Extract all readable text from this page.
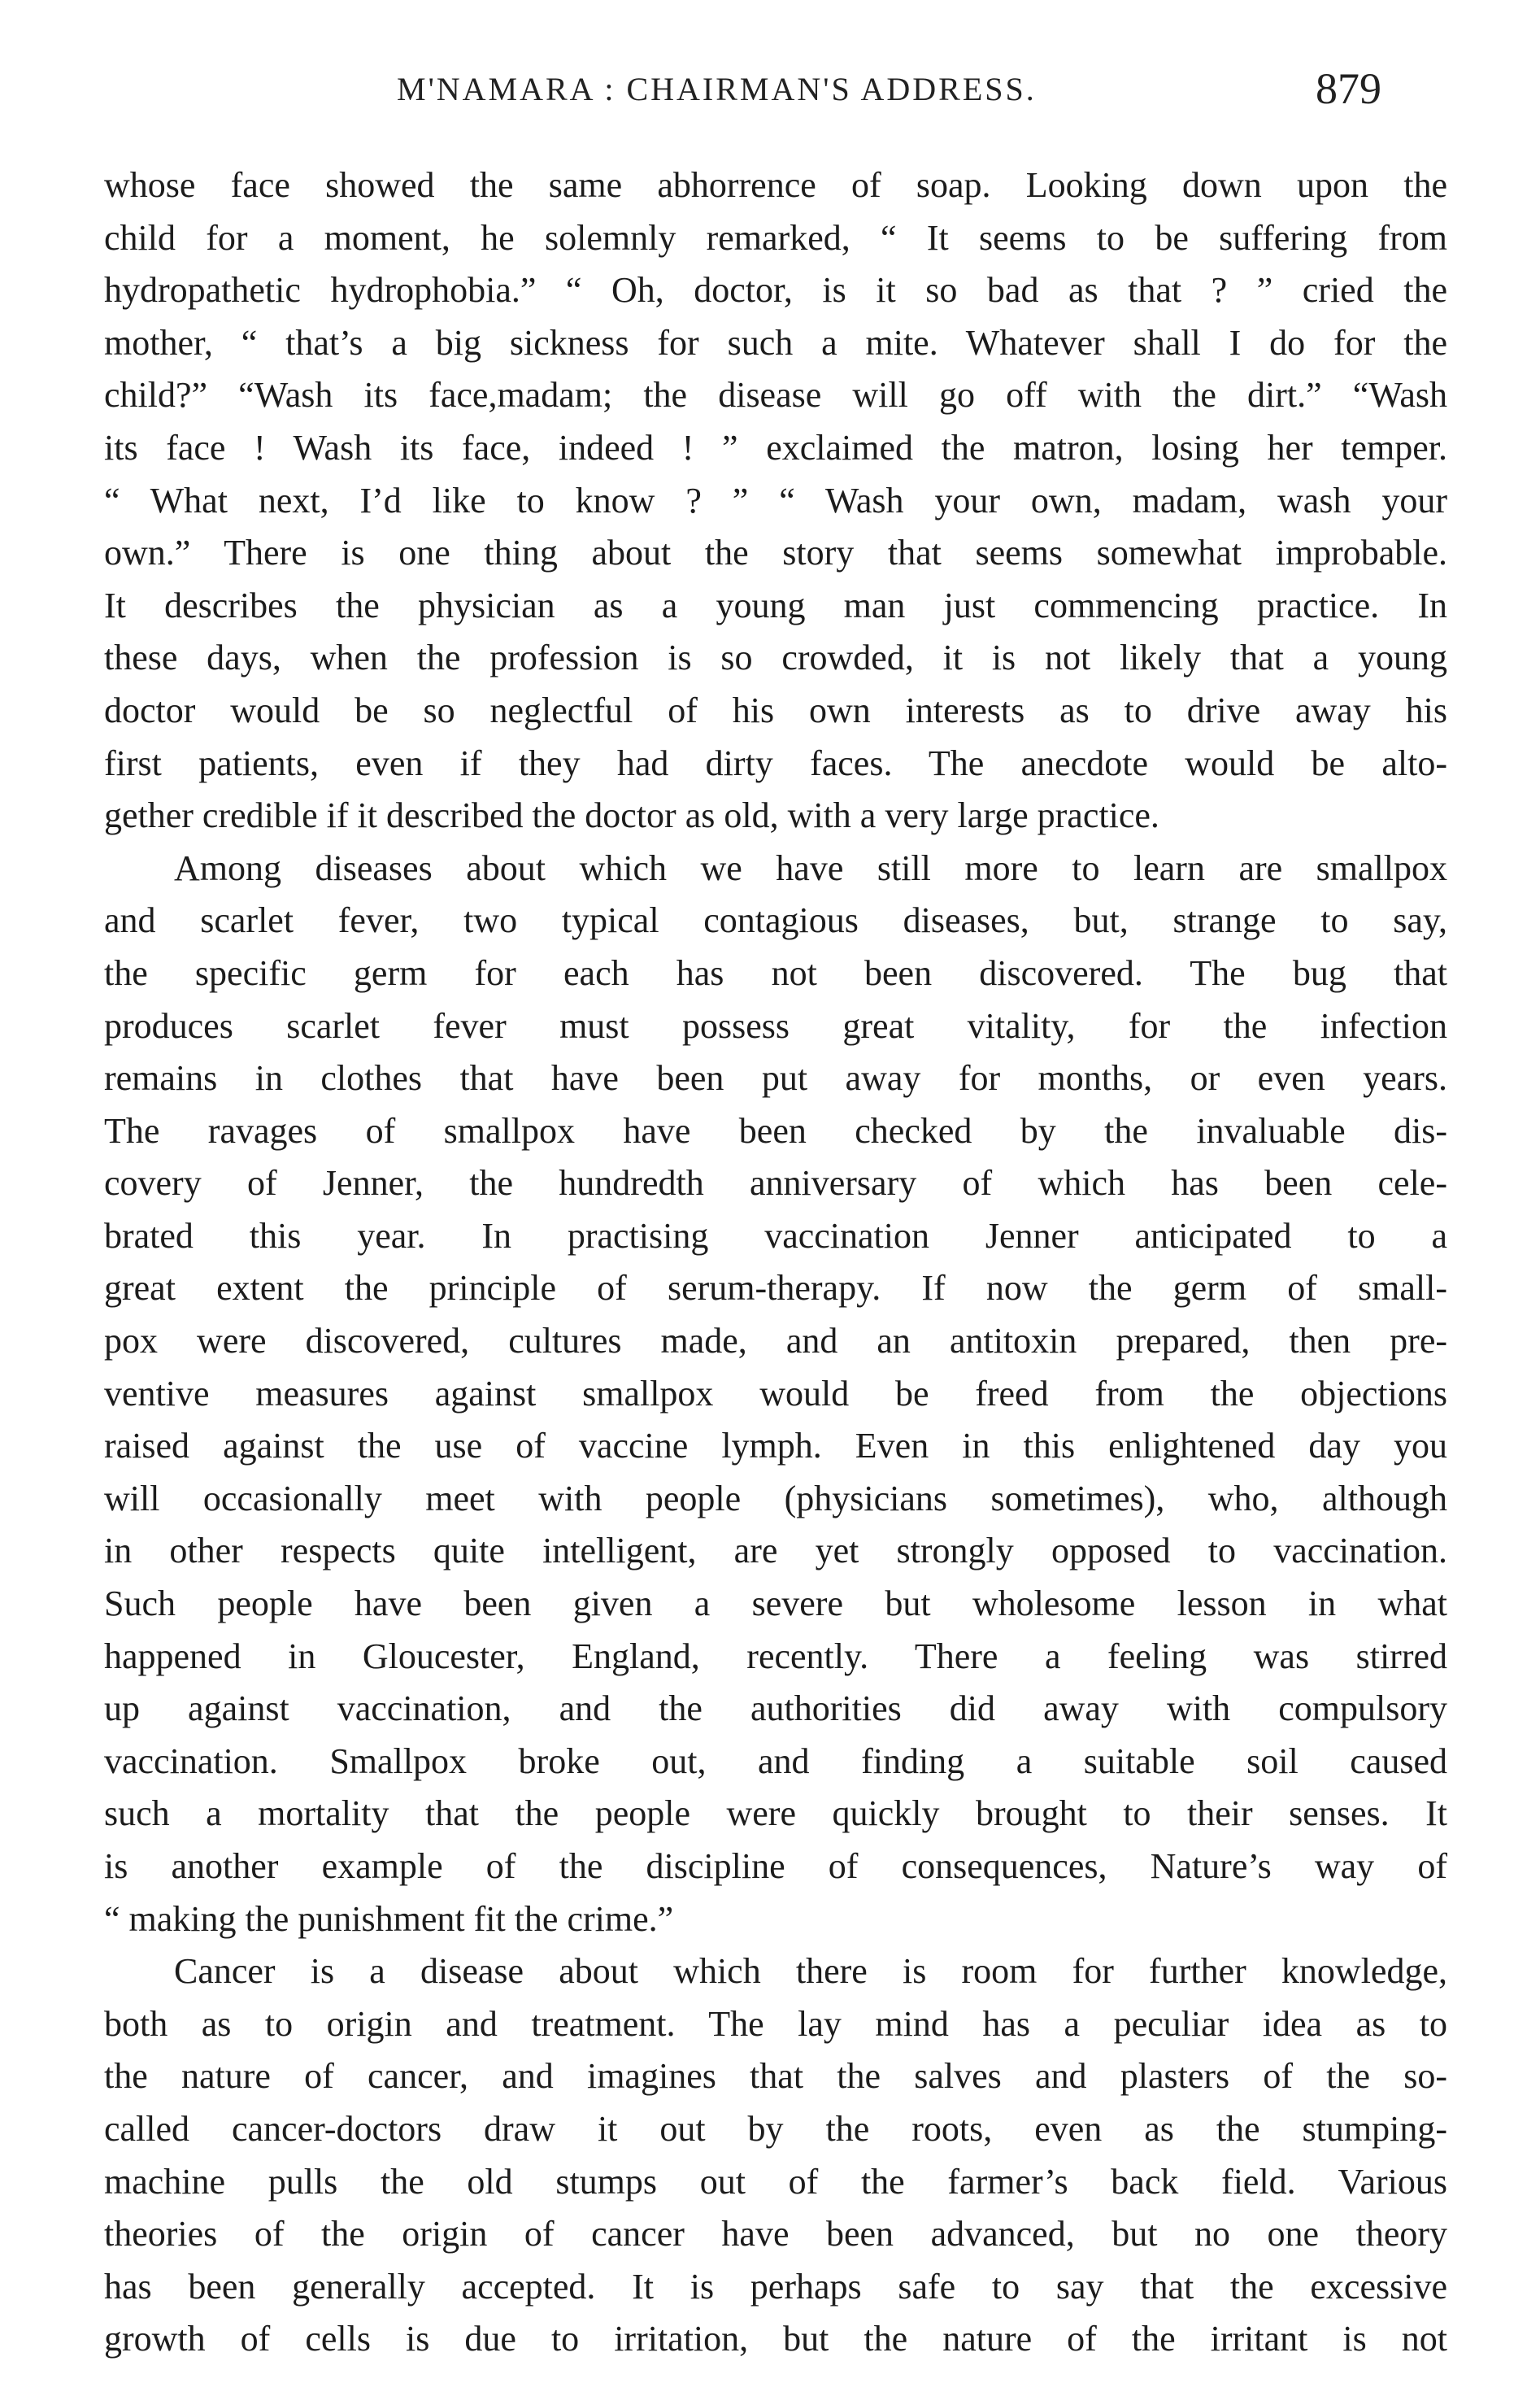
M'NAMARA : CHAIRMAN'S ADDRESS.	879
whose face showed the same abhorrence of soap. Looking down upon the
child for a moment, he solemnly remarked, “ It seems to be suffering from
hydropathetic hydrophobia.” “ Oh, doctor, is it so bad as that ? ” cried the
mother, “ that’s a big sickness for such a mite. Whatever shall I do for the
child?” “Wash its face,madam; the disease will go off with the dirt.” “Wash
its face ! Wash its face, indeed ! ” exclaimed the matron, losing her temper.
“ What next, I’d like to know ? ” “ Wash your own, madam, wash your
own.” There is one thing about the story that seems somewhat improbable.
It describes the physician as a young man just commencing practice. In
these days, when the profession is so crowded, it is not likely that a young
doctor would be so neglectful of his own interests as to drive away his
first patients, even if they had dirty faces. The anecdote would be alto-
gether credible if it described the doctor as old, with a very large practice.
Among diseases about which we have still more to learn are smallpox
and scarlet fever, two typical contagious diseases, but, strange to say,
the specific germ for each has not been discovered. The bug that
produces scarlet fever must possess great vitality, for the infection
remains in clothes that have been put away for months, or even years.
The ravages of smallpox have been checked by the invaluable dis-
covery of Jenner, the hundredth anniversary of which has been cele-
brated this year. In practising vaccination Jenner anticipated to a
great extent the principle of serum-therapy. If now the germ of small-
pox were discovered, cultures made, and an antitoxin prepared, then pre-
ventive measures against smallpox would be freed from the objections
raised against the use of vaccine lymph. Even in this enlightened day you
will occasionally meet with people (physicians sometimes), who, although
in other respects quite intelligent, are yet strongly opposed to vaccination.
Such people have been given a severe but wholesome lesson in what
happened in Gloucester, England, recently. There a feeling was stirred
up against vaccination, and the authorities did away with compulsory
vaccination. Smallpox broke out, and finding a suitable soil caused
such a mortality that the people were quickly brought to their senses. It
is another example of the discipline of consequences, Nature’s way of
“ making the punishment fit the crime.”
Cancer is a disease about which there is room for further knowledge,
both as to origin and treatment. The lay mind has a peculiar idea as to
the nature of cancer, and imagines that the salves and plasters of the so-
called cancer-doctors draw it out by the roots, even as the stumping-
machine pulls the old stumps out of the farmer’s back field. Various
theories of the origin of cancer have been advanced, but no one theory
has been generally accepted. It is perhaps safe to say that the excessive
growth of cells is due to irritation, but the nature of the irritant is not
